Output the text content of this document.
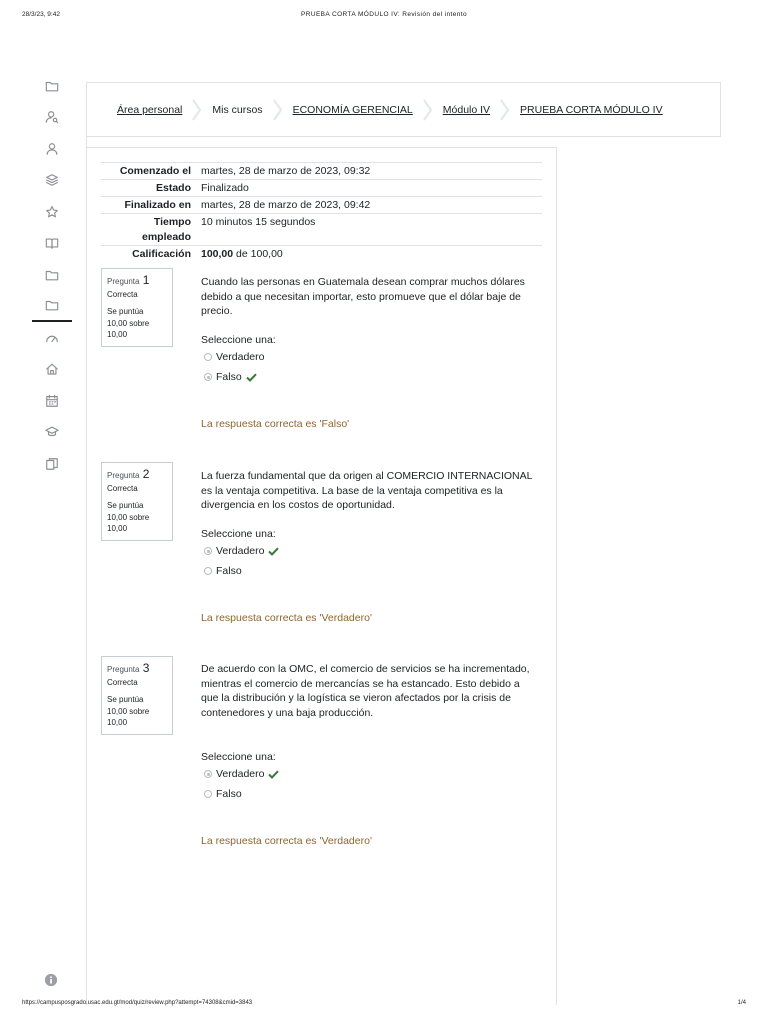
28/3/23, 9:42	PRUEBA CORTA MÓDULO IV: Revisión del intento
Área personal	Mis cursos	ECONOMÍA GERENCIAL	Módulo IV	PRUEBA CORTA MÓDULO IV
Comenzado el martes, 28 de marzo de 2023, 09:32
Estado Finalizado
Finalizado en martes, 28 de marzo de 2023, 09:42
Tiempo
empleado
10 minutos 15 segundos
Calificación 100,00 de 100,00
Pregunta 1
Correcta
Se puntúa
10,00 sobre
10,00
Cuando las personas en Guatemala desean comprar muchos dólares debido a que necesitan importar, esto promueve que el dólar baje de precio.
Seleccione una:
Verdadero
Falso
La respuesta correcta es 'Falso'
Pregunta 2
Correcta
Se puntúa
10,00 sobre
10,00
La fuerza fundamental que da origen al COMERCIO INTERNACIONAL es la ventaja competitiva. La base de la ventaja competitiva es la divergencia en los costos de oportunidad.
Seleccione una:
Verdadero
Falso
La respuesta correcta es 'Verdadero'
Pregunta 3
Correcta
Se puntúa
10,00 sobre
10,00
De acuerdo con la OMC, el comercio de servicios se ha incrementado, mientras el comercio de mercancías se ha estancado. Esto debido a que la distribución y la logística se vieron afectados por la crisis de contenedores y una baja producción.
Seleccione una:
Verdadero
Falso
La respuesta correcta es 'Verdadero'
https://campusposgrado.usac.edu.gt/mod/quiz/review.php?attempt=74308&cmid=3843	1/4
